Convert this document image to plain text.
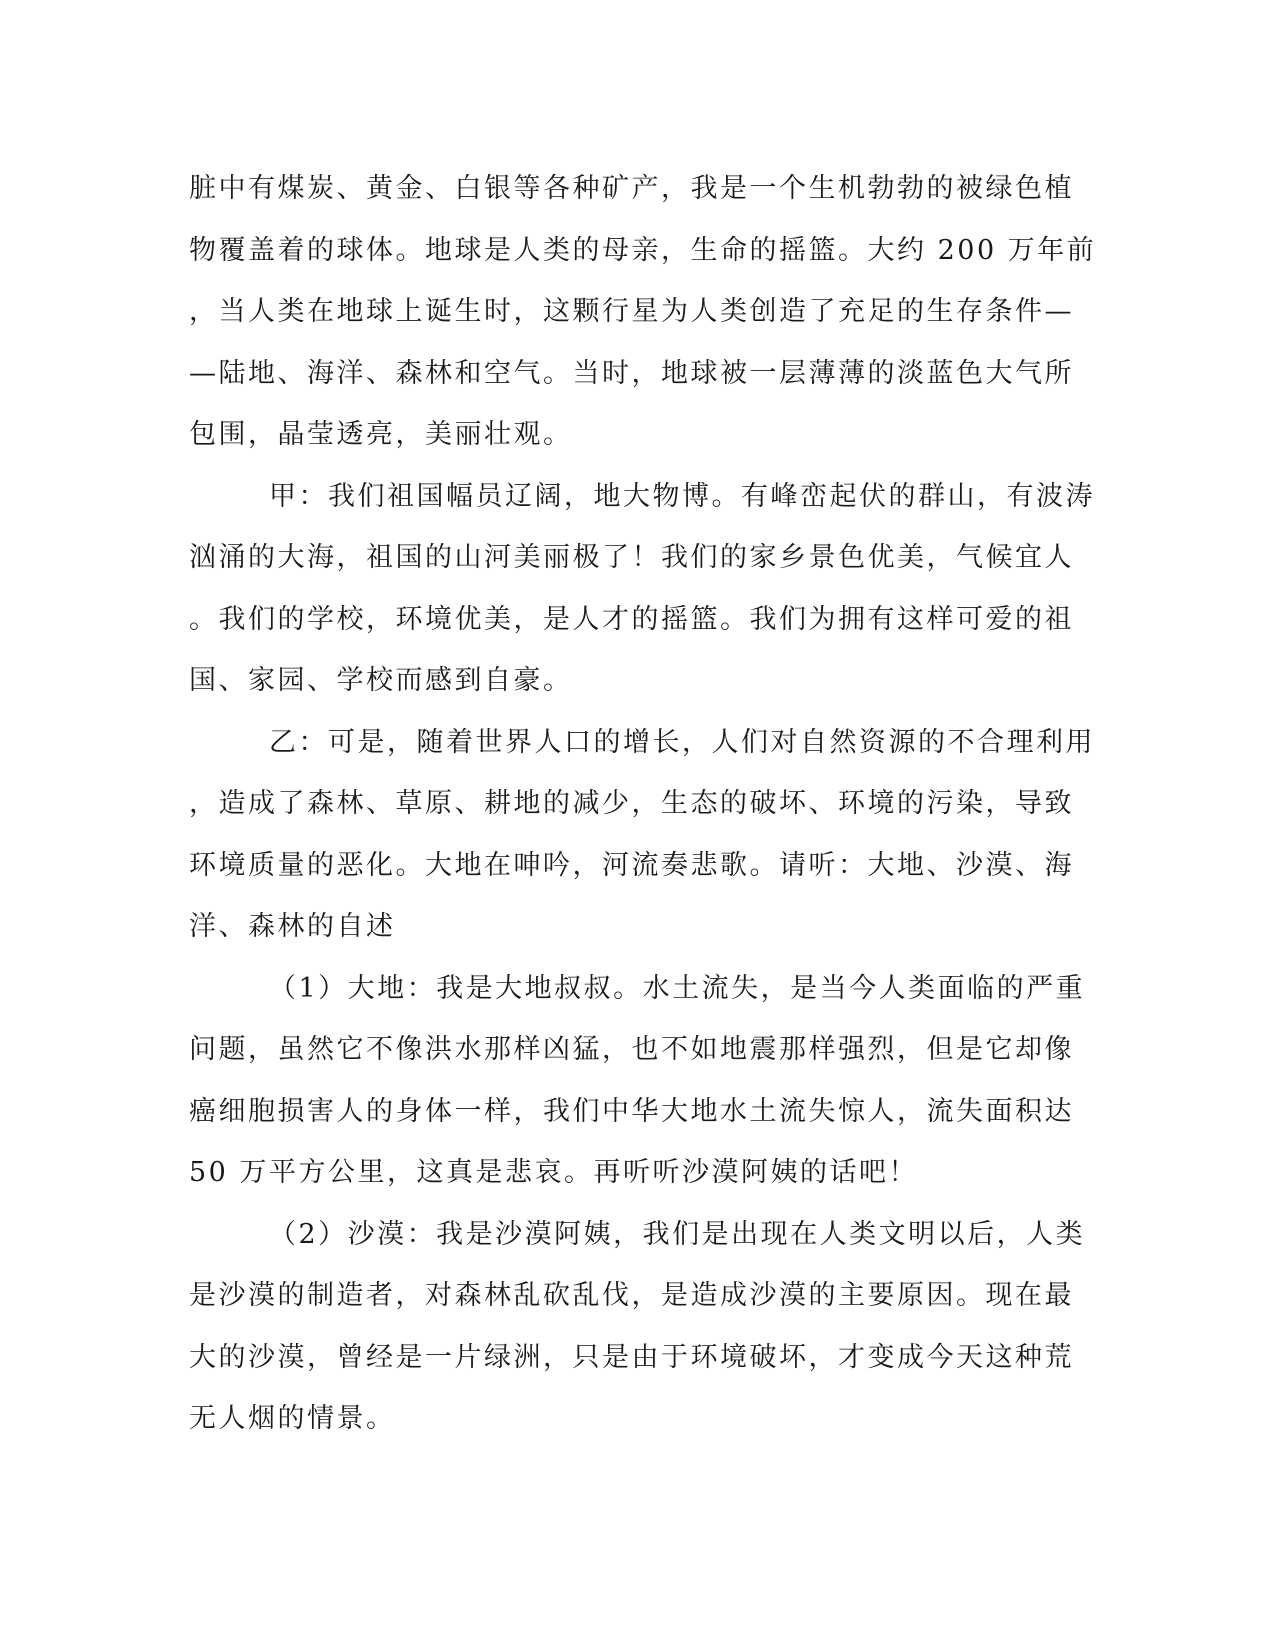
脏中有煤炭、黄金、白银等各种矿产，我是一个生机勃勃的被绿色植
物覆盖着的球体。地球是人类的母亲，生命的摇篮。大约 200 万年前
，当人类在地球上诞生时，这颗行星为人类创造了充足的生存条件—
—陆地、海洋、森林和空气。当时，地球被一层薄薄的淡蓝色大气所
包围，晶莹透亮，美丽壮观。
甲：我们祖国幅员辽阔，地大物博。有峰峦起伏的群山，有波涛
汹涌的大海，祖国的山河美丽极了！我们的家乡景色优美，气候宜人
。我们的学校，环境优美，是人才的摇篮。我们为拥有这样可爱的祖
国、家园、学校而感到自豪。
乙：可是，随着世界人口的增长，人们对自然资源的不合理利用
，造成了森林、草原、耕地的减少，生态的破坏、环境的污染，导致
环境质量的恶化。大地在呻吟，河流奏悲歌。请听：大地、沙漠、海
洋、森林的自述
（1）大地：我是大地叔叔。水土流失，是当今人类面临的严重
问题，虽然它不像洪水那样凶猛，也不如地震那样强烈，但是它却像
癌细胞损害人的身体一样，我们中华大地水土流失惊人，流失面积达
50 万平方公里，这真是悲哀。再听听沙漠阿姨的话吧！
（2）沙漠：我是沙漠阿姨，我们是出现在人类文明以后，人类
是沙漠的制造者，对森林乱砍乱伐，是造成沙漠的主要原因。现在最
大的沙漠，曾经是一片绿洲，只是由于环境破坏，才变成今天这种荒
无人烟的情景。
